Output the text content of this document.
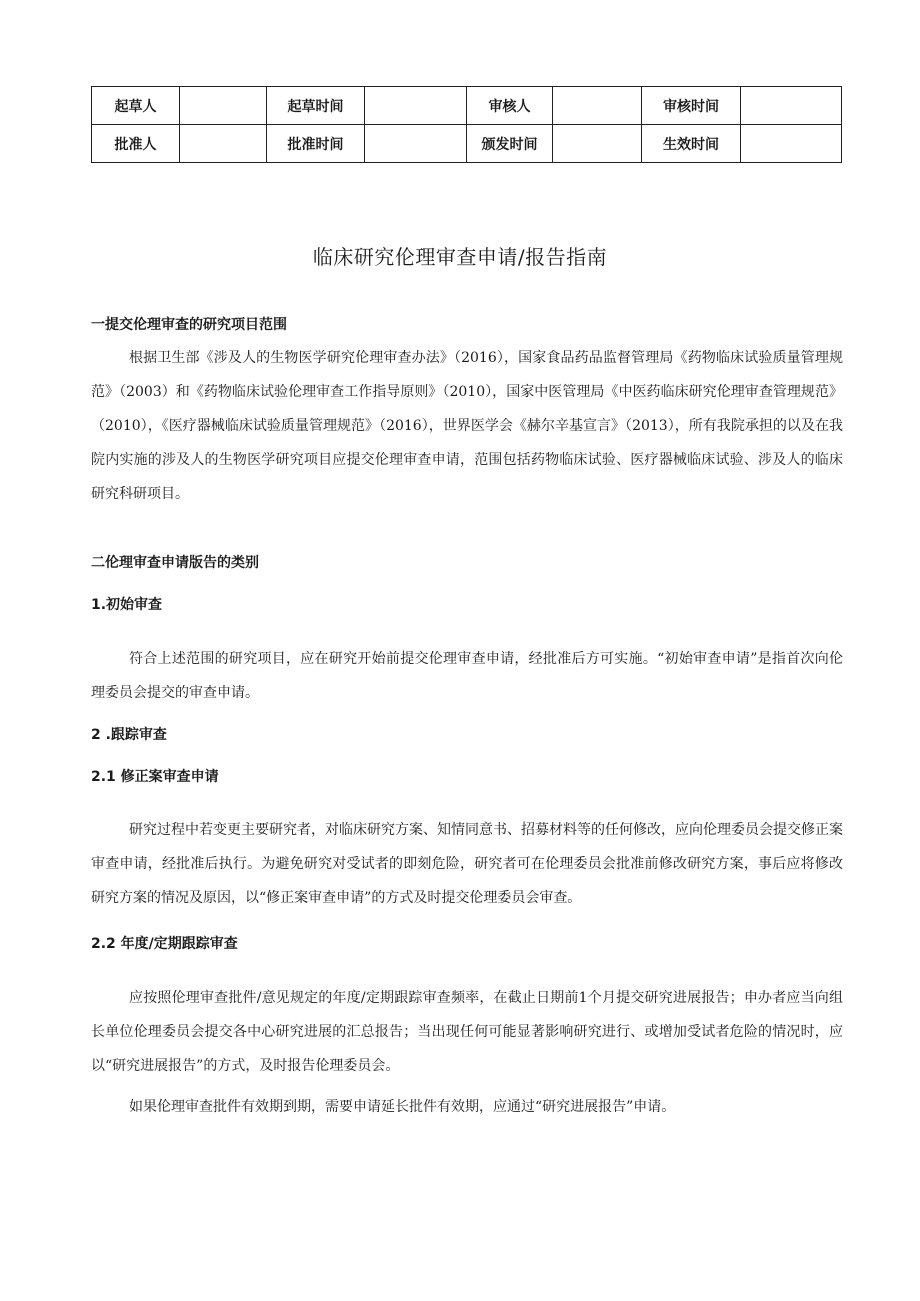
起草人		起草时间		审核人		审核时间	
批准人		批准时间		颁发时间		生效时间	
临床研究伦理审查申请/报告指南
一提交伦理审查的研究项目范围
根据卫生部《涉及人的生物医学研究伦理审查办法》（2016），国家食品药品监督管理局《药物临床试验质量管理规范》（2003）和《药物临床试验伦理审查工作指导原则》（2010），国家中医管理局《中医药临床研究伦理审查管理规范》（2010），《医疗器械临床试验质量管理规范》（2016），世界医学会《赫尔辛基宣言》（2013），所有我院承担的以及在我院内实施的涉及人的生物医学研究项目应提交伦理审查申请，范围包括药物临床试验、医疗器械临床试验、涉及人的临床研究科研项目。
二伦理审查申请版告的类别
1.初始审查
符合上述范围的研究项目，应在研究开始前提交伦理审查申请，经批准后方可实施。“初始审查申请”是指首次向伦理委员会提交的审查申请。
2 .跟踪审查
2.1 修正案审查申请
研究过程中若变更主要研究者，对临床研究方案、知情同意书、招募材料等的任何修改，应向伦理委员会提交修正案审查申请，经批准后执行。为避免研究对受试者的即刻危险，研究者可在伦理委员会批准前修改研究方案，事后应将修改研究方案的情况及原因，以“修正案审查申请”的方式及时提交伦理委员会审查。
2.2 年度/定期跟踪审查
应按照伦理审查批件/意见规定的年度/定期跟踪审查频率，在截止日期前1个月提交研究进展报告；申办者应当向组长单位伦理委员会提交各中心研究进展的汇总报告；当出现任何可能显著影响研究进行、或增加受试者危险的情况时，应以“研究进展报告”的方式，及时报告伦理委员会。
如果伦理审查批件有效期到期，需要申请延长批件有效期，应通过“研究进展报告”申请。
